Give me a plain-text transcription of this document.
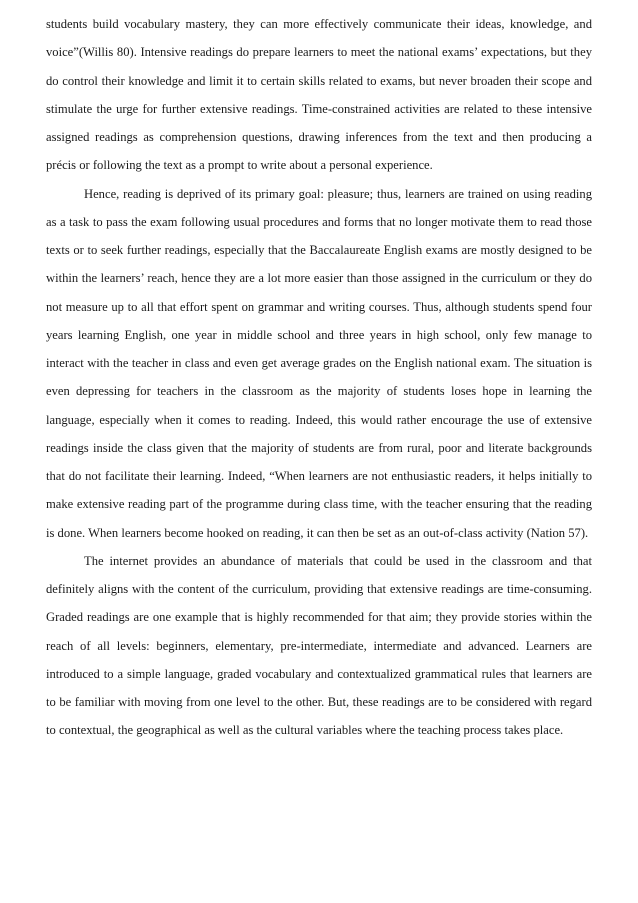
students build vocabulary mastery, they can more effectively communicate their ideas, knowledge, and voice”(Willis 80). Intensive readings do prepare learners to meet the national exams’ expectations, but they do control their knowledge and limit it to certain skills related to exams, but never broaden their scope and stimulate the urge for further extensive readings. Time-constrained activities are related to these intensive assigned readings as comprehension questions, drawing inferences from the text and then producing a précis or following the text as a prompt to write about a personal experience.

Hence, reading is deprived of its primary goal: pleasure; thus, learners are trained on using reading as a task to pass the exam following usual procedures and forms that no longer motivate them to read those texts or to seek further readings, especially that the Baccalaureate English exams are mostly designed to be within the learners’ reach, hence they are a lot more easier than those assigned in the curriculum or they do not measure up to all that effort spent on grammar and writing courses. Thus, although students spend four years learning English, one year in middle school and three years in high school, only few manage to interact with the teacher in class and even get average grades on the English national exam. The situation is even depressing for teachers in the classroom as the majority of students loses hope in learning the language, especially when it comes to reading. Indeed, this would rather encourage the use of extensive readings inside the class given that the majority of students are from rural, poor and literate backgrounds that do not facilitate their learning. Indeed, “When learners are not enthusiastic readers, it helps initially to make extensive reading part of the programme during class time, with the teacher ensuring that the reading is done. When learners become hooked on reading, it can then be set as an out-of-class activity (Nation 57).

The internet provides an abundance of materials that could be used in the classroom and that definitely aligns with the content of the curriculum, providing that extensive readings are time-consuming. Graded readings are one example that is highly recommended for that aim; they provide stories within the reach of all levels: beginners, elementary, pre-intermediate, intermediate and advanced. Learners are introduced to a simple language, graded vocabulary and contextualized grammatical rules that learners are to be familiar with moving from one level to the other. But, these readings are to be considered with regard to contextual, the geographical as well as the cultural variables where the teaching process takes place.
